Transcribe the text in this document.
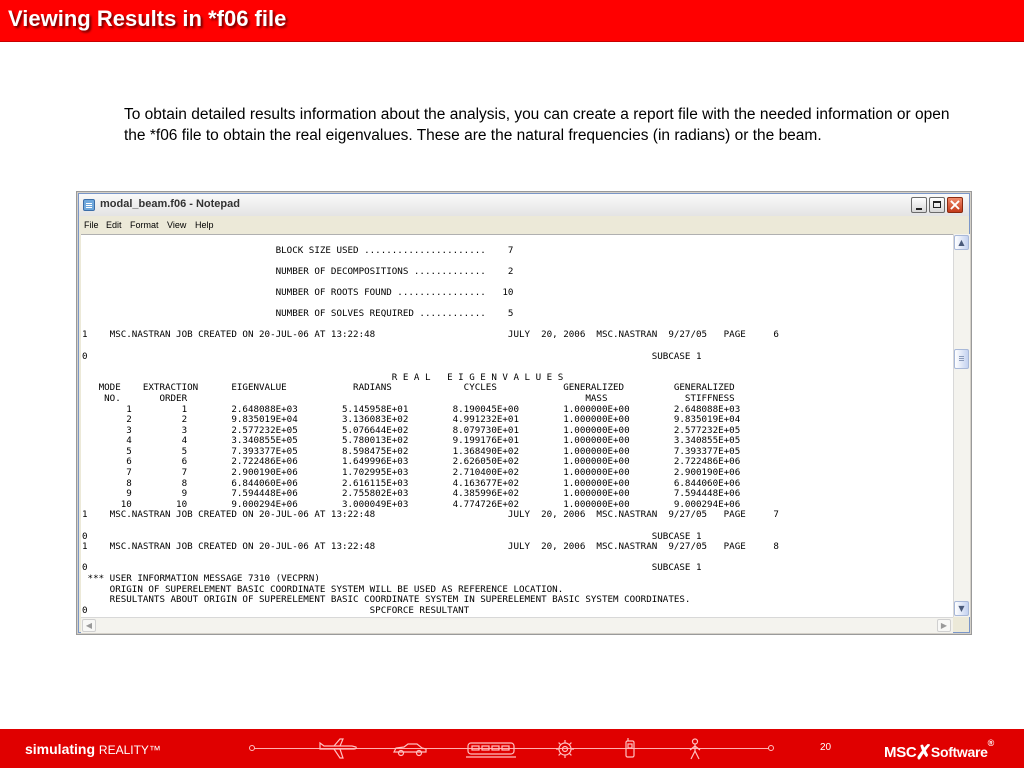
Viewing Results in *f06 file

To obtain detailed results information about the analysis, you can create a report file with the needed information or open the *f06 file to obtain the real eigenvalues. These are the natural frequencies (in radians) or the beam.

modal_beam.f06 - Notepad
×
File Edit Format View Help

BLOCK SIZE USED ......................    7

NUMBER OF DECOMPOSITIONS .............    2

NUMBER OF ROOTS FOUND ................   10

NUMBER OF SOLVES REQUIRED ............    5

1    MSC.NASTRAN JOB CREATED ON 20-JUL-06 AT 13:22:48                        JULY  20, 2006  MSC.NASTRAN  9/27/05   PAGE     6

0                                                                                                      SUBCASE 1

R E A L   E I G E N V A L U E S
MODE    EXTRACTION      EIGENVALUE            RADIANS             CYCLES            GENERALIZED         GENERALIZED
NO.       ORDER                                                                        MASS              STIFFNESS
1         1        2.648088E+03        5.145958E+01        8.190045E+00        1.000000E+00        2.648088E+03
2         2        9.835019E+04        3.136083E+02        4.991232E+01        1.000000E+00        9.835019E+04
3         3        2.577232E+05        5.076644E+02        8.079730E+01        1.000000E+00        2.577232E+05
4         4        3.340855E+05        5.780013E+02        9.199176E+01        1.000000E+00        3.340855E+05
5         5        7.393377E+05        8.598475E+02        1.368490E+02        1.000000E+00        7.393377E+05
6         6        2.722486E+06        1.649996E+03        2.626050E+02        1.000000E+00        2.722486E+06
7         7        2.900190E+06        1.702995E+03        2.710400E+02        1.000000E+00        2.900190E+06
8         8        6.844060E+06        2.616115E+03        4.163677E+02        1.000000E+00        6.844060E+06
9         9        7.594448E+06        2.755802E+03        4.385996E+02        1.000000E+00        7.594448E+06
10        10        9.000294E+06        3.000049E+03        4.774726E+02        1.000000E+00        9.000294E+06
1    MSC.NASTRAN JOB CREATED ON 20-JUL-06 AT 13:22:48                        JULY  20, 2006  MSC.NASTRAN  9/27/05   PAGE     7

0                                                                                                      SUBCASE 1
1    MSC.NASTRAN JOB CREATED ON 20-JUL-06 AT 13:22:48                        JULY  20, 2006  MSC.NASTRAN  9/27/05   PAGE     8

0                                                                                                      SUBCASE 1
*** USER INFORMATION MESSAGE 7310 (VECPRN)
ORIGIN OF SUPERELEMENT BASIC COORDINATE SYSTEM WILL BE USED AS REFERENCE LOCATION.
RESULTANTS ABOUT ORIGIN OF SUPERELEMENT BASIC COORDINATE SYSTEM IN SUPERELEMENT BASIC SYSTEM COORDINATES.
0                                                   SPCFORCE RESULTANT
▲
▼
◀	▶
simulating REALITY™	20	MSC✗Software®
